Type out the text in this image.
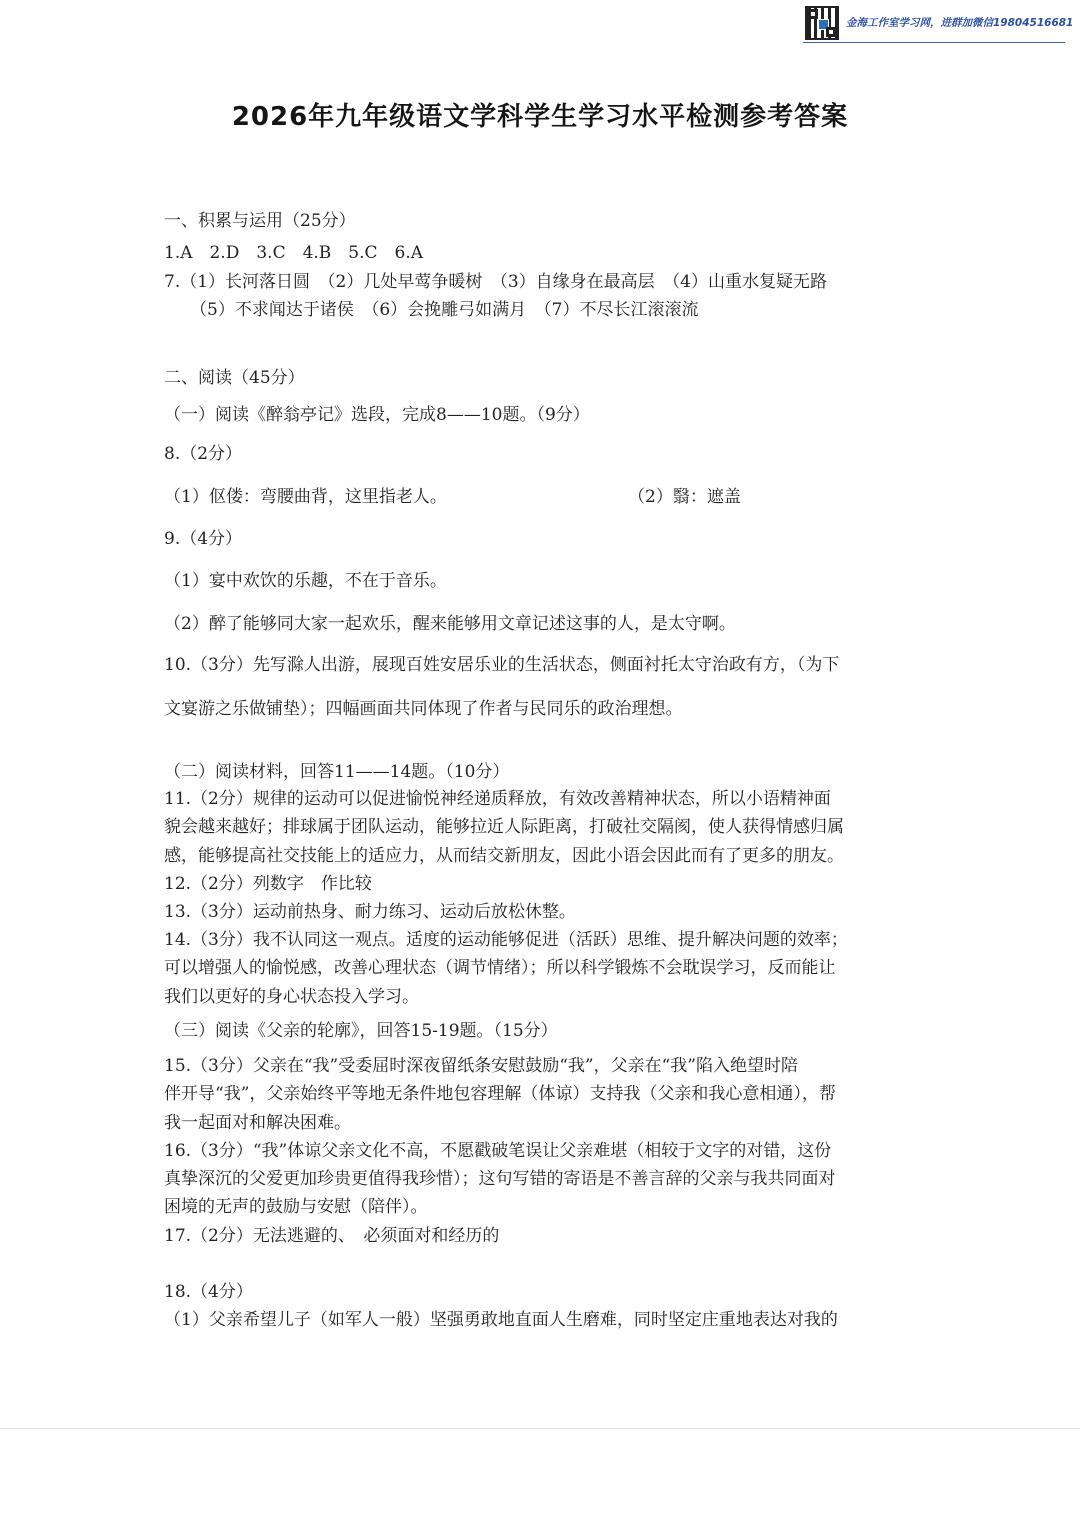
金海工作室学习网，进群加微信19804516681
2026年九年级语文学科学生学习水平检测参考答案
一、积累与运用（25分）
1.A　2.D　3.C　4.B　5.C　6.A
7.（1）长河落日圆　（2）几处早莺争暖树　（3）自缘身在最高层　（4）山重水复疑无路
（5）不求闻达于诸侯　（6）会挽雕弓如满月　（7）不尽长江滚滚流
二、阅读（45分）
（一）阅读《醉翁亭记》选段，完成8——10题。（9分）
8.（2分）
（1）伛偻：弯腰曲背，这里指老人。	（2）翳：遮盖
9.（4分）
（1）宴中欢饮的乐趣，不在于音乐。
（2）醉了能够同大家一起欢乐，醒来能够用文章记述这事的人，是太守啊。
10.（3分）先写滁人出游，展现百姓安居乐业的生活状态，侧面衬托太守治政有方，（为下
文宴游之乐做铺垫）；四幅画面共同体现了作者与民同乐的政治理想。
（二）阅读材料，回答11——14题。（10分）
11.（2分）规律的运动可以促进愉悦神经递质释放，有效改善精神状态，所以小语精神面
貌会越来越好；排球属于团队运动，能够拉近人际距离，打破社交隔阂，使人获得情感归属
感，能够提高社交技能上的适应力，从而结交新朋友，因此小语会因此而有了更多的朋友。
12.（2分）列数字　作比较
13.（3分）运动前热身、耐力练习、运动后放松休整。
14.（3分）我不认同这一观点。适度的运动能够促进（活跃）思维、提升解决问题的效率；
可以增强人的愉悦感，改善心理状态（调节情绪）；所以科学锻炼不会耽误学习，反而能让
我们以更好的身心状态投入学习。
（三）阅读《父亲的轮廓》，回答15-19题。（15分）
15.（3分）父亲在“我”受委屈时深夜留纸条安慰鼓励“我”，父亲在“我”陷入绝望时陪
伴开导“我”，父亲始终平等地无条件地包容理解（体谅）支持我（父亲和我心意相通），帮
我一起面对和解决困难。
16.（3分）“我”体谅父亲文化不高，不愿戳破笔误让父亲难堪（相较于文字的对错，这份
真挚深沉的父爱更加珍贵更值得我珍惜）；这句写错的寄语是不善言辞的父亲与我共同面对
困境的无声的鼓励与安慰（陪伴）。
17.（2分）无法逃避的、　必须面对和经历的
18.（4分）
（1）父亲希望儿子（如军人一般）坚强勇敢地直面人生磨难，同时坚定庄重地表达对我的
